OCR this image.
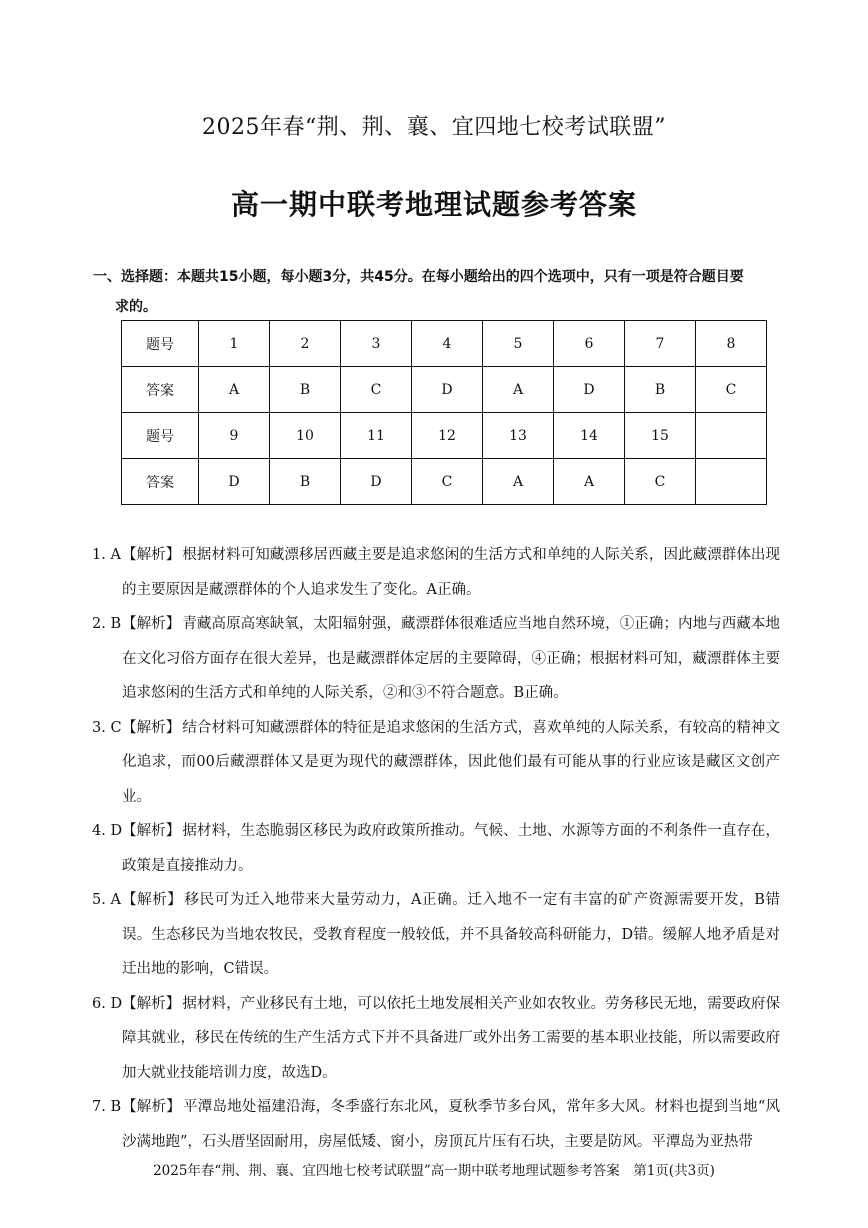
2025年春“荆、荆、襄、宜四地七校考试联盟”
高一期中联考地理试题参考答案
一、选择题：本题共15小题，每小题3分，共45分。在每小题给出的四个选项中，只有一项是符合题目要
求的。
题号	1	2	3	4	5	6	7	8
答案	A	B	C	D	A	D	B	C
题号	9	10	11	12	13	14	15	
答案	D	B	D	C	A	A	C	
1. A 【解析】 根据材料可知藏漂移居西藏主要是追求悠闲的生活方式和单纯的人际关系，因此藏漂群体出现的主要原因是藏漂群体的个人追求发生了变化。A正确。
2. B 【解析】 青藏高原高寒缺氧，太阳辐射强，藏漂群体很难适应当地自然环境，①正确；内地与西藏本地在文化习俗方面存在很大差异，也是藏漂群体定居的主要障碍，④正确；根据材料可知，藏漂群体主要追求悠闲的生活方式和单纯的人际关系，②和③不符合题意。B正确。
3. C 【解析】 结合材料可知藏漂群体的特征是追求悠闲的生活方式，喜欢单纯的人际关系，有较高的精神文化追求，而00后藏漂群体又是更为现代的藏漂群体，因此他们最有可能从事的行业应该是藏区文创产业。
4. D 【解析】 据材料，生态脆弱区移民为政府政策所推动。气候、土地、水源等方面的不利条件一直存在，政策是直接推动力。
5. A 【解析】 移民可为迁入地带来大量劳动力，A正确。迁入地不一定有丰富的矿产资源需要开发，B错误。生态移民为当地农牧民，受教育程度一般较低，并不具备较高科研能力，D错。缓解人地矛盾是对迁出地的影响，C错误。
6. D 【解析】 据材料，产业移民有土地，可以依托土地发展相关产业如农牧业。劳务移民无地，需要政府保障其就业，移民在传统的生产生活方式下并不具备进厂或外出务工需要的基本职业技能，所以需要政府加大就业技能培训力度，故选D。
7. B 【解析】 平潭岛地处福建沿海，冬季盛行东北风，夏秋季节多台风，常年多大风。材料也提到当地“风沙满地跑”，石头厝坚固耐用，房屋低矮、窗小，房顶瓦片压有石块，主要是防风。平潭岛为亚热带
2025年春“荆、荆、襄、宜四地七校考试联盟”高一期中联考地理试题参考答案　第1页(共3页)
